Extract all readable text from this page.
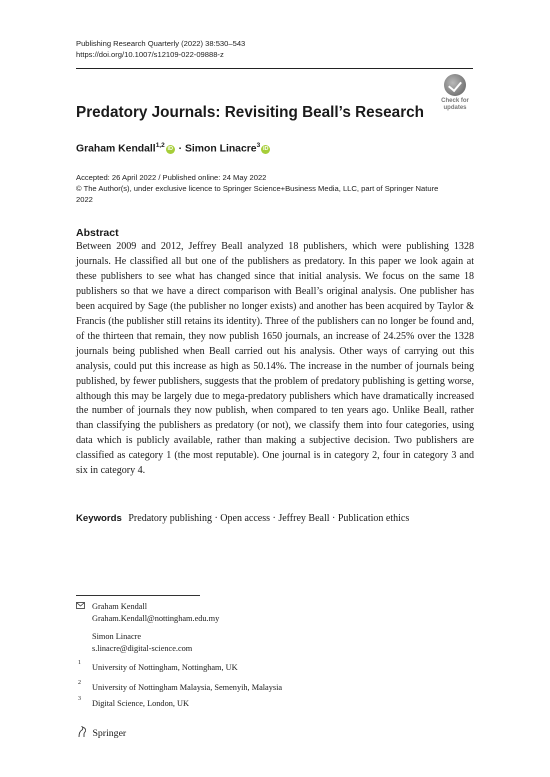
Publishing Research Quarterly (2022) 38:530–543
https://doi.org/10.1007/s12109-022-09888-z
Check for
updates
Predatory Journals: Revisiting Beall’s Research
Graham Kendall$^{1,2}$iD · Simon Linacre$^3$iD
Accepted: 26 April 2022 / Published online: 24 May 2022
© The Author(s), under exclusive licence to Springer Science+Business Media, LLC, part of Springer Nature
2022
Abstract
Between 2009 and 2012, Jeffrey Beall analyzed 18 publishers, which were publishing 1328 journals. He classified all but one of the publishers as predatory. In this paper we look again at these publishers to see what has changed since that initial analysis. We focus on the same 18 publishers so that we have a direct comparison with Beall’s original analysis. One publisher has been acquired by Sage (the publisher no longer exists) and another has been acquired by Taylor & Francis (the publisher still retains its identity). Three of the publishers can no longer be found and, of the thirteen that remain, they now publish 1650 journals, an increase of 24.25% over the 1328 journals being published when Beall carried out his analysis. Other ways of carrying out this analysis, could put this increase as high as 50.14%. The increase in the number of journals being published, by fewer publishers, suggests that the problem of predatory publishing is getting worse, although this may be largely due to mega-predatory publishers which have dramatically increased the number of journals they now publish, when compared to ten years ago. Unlike Beall, rather than classifying the publishers as predatory (or not), we classify them into four categories, using data which is publicly available, rather than making a subjective decision. Two publishers are classified as category 1 (the most reputable). One journal is in category 2, four in category 3 and six in category 4.
Keywords Predatory publishing · Open access · Jeffrey Beall · Publication ethics
Graham Kendall
Graham.Kendall@nottingham.edu.my
Simon Linacre
s.linacre@digital-science.com
1 University of Nottingham, Nottingham, UK
2 University of Nottingham Malaysia, Semenyih, Malaysia
3 Digital Science, London, UK
Springer
